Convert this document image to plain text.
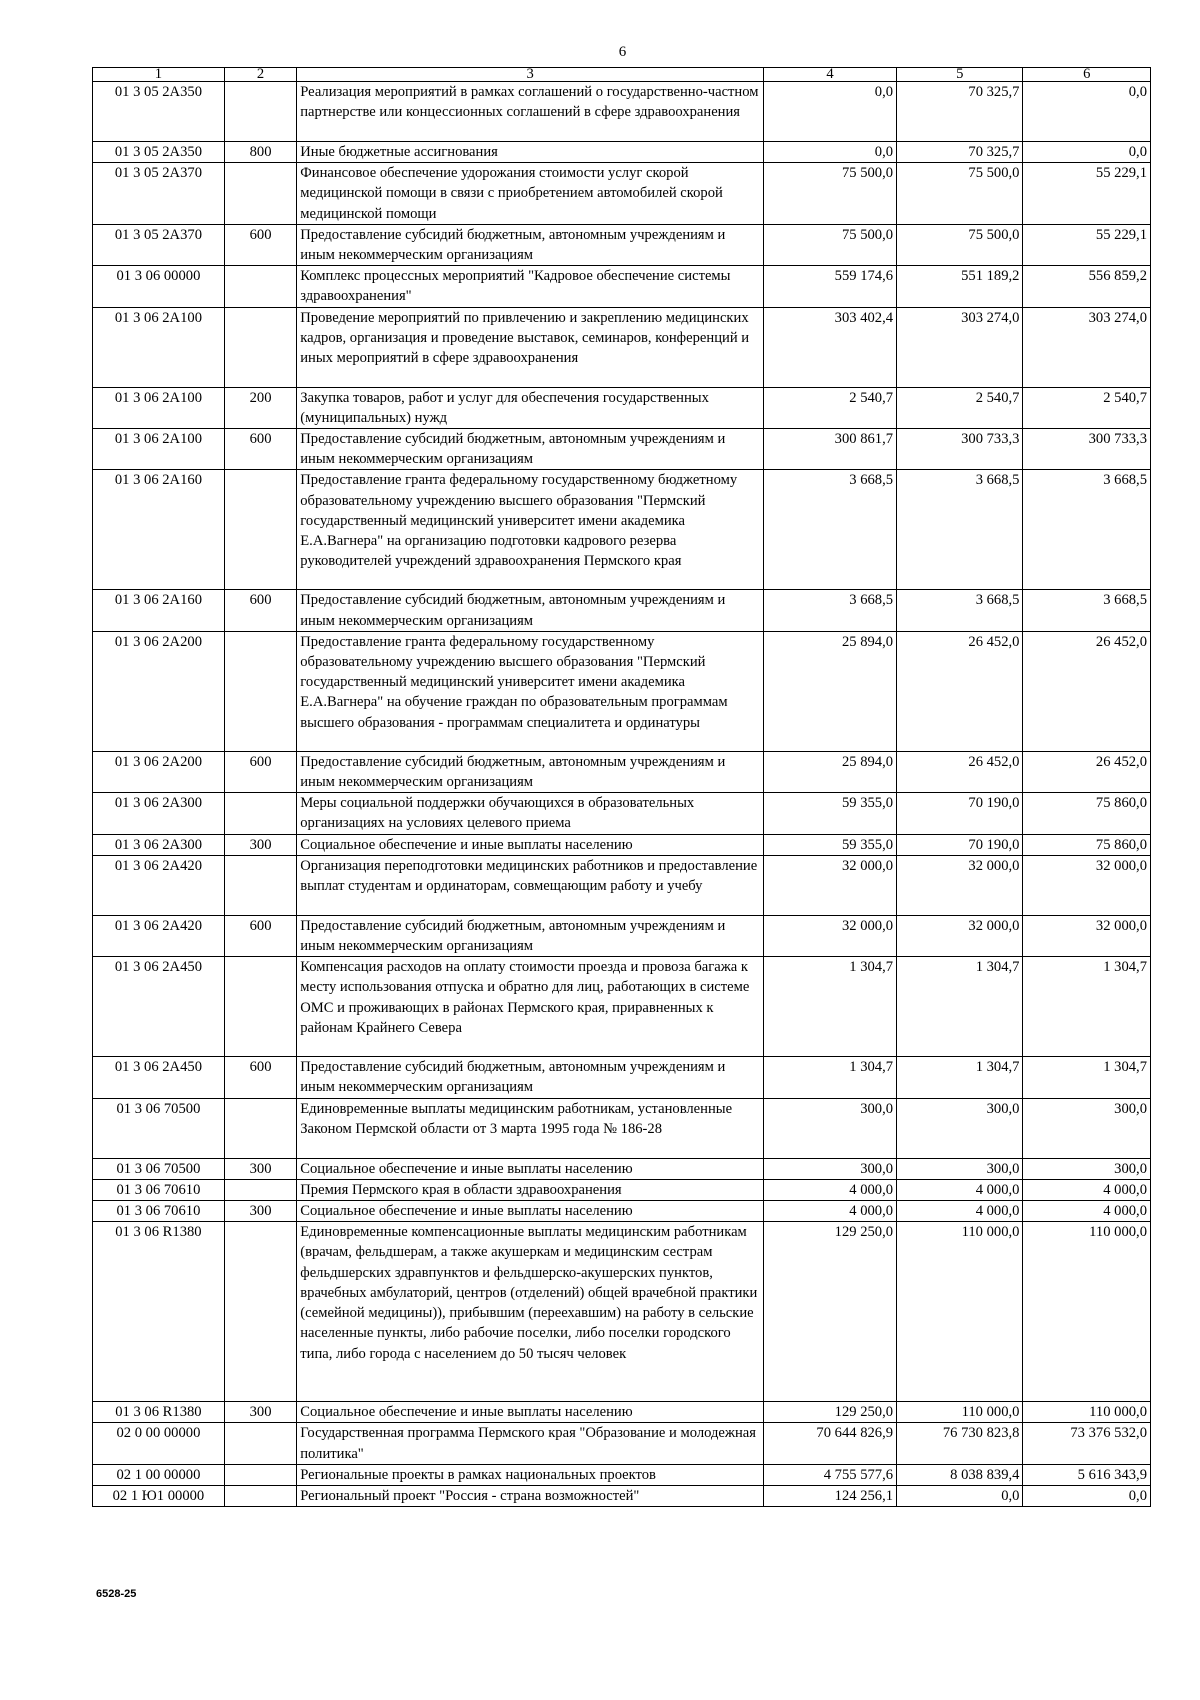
6
1	2	3	4	5	6
01 3 05 2А350		Реализация мероприятий в рамках соглашений о государственно-частном партнерстве или концессионных соглашений в сфере здравоохранения	0,0	70 325,7	0,0
01 3 05 2А350	800	Иные бюджетные ассигнования	0,0	70 325,7	0,0
01 3 05 2А370		Финансовое обеспечение удорожания стоимости услуг скорой медицинской помощи в связи с приобретением автомобилей скорой медицинской помощи	75 500,0	75 500,0	55 229,1
01 3 05 2А370	600	Предоставление субсидий бюджетным, автономным учреждениям и иным некоммерческим организациям	75 500,0	75 500,0	55 229,1
01 3 06 00000		Комплекс процессных мероприятий "Кадровое обеспечение системы здравоохранения"	559 174,6	551 189,2	556 859,2
01 3 06 2А100		Проведение мероприятий по привлечению и закреплению медицинских кадров, организация и проведение выставок, семинаров, конференций и иных мероприятий в сфере здравоохранения	303 402,4	303 274,0	303 274,0
01 3 06 2А100	200	Закупка товаров, работ и услуг для обеспечения государственных (муниципальных) нужд	2 540,7	2 540,7	2 540,7
01 3 06 2А100	600	Предоставление субсидий бюджетным, автономным учреждениям и иным некоммерческим организациям	300 861,7	300 733,3	300 733,3
01 3 06 2А160		Предоставление гранта федеральному государственному бюджетному образовательному учреждению высшего образования "Пермский государственный медицинский университет имени академика Е.А.Вагнера" на организацию подготовки кадрового резерва руководителей учреждений здравоохранения Пермского края	3 668,5	3 668,5	3 668,5
01 3 06 2А160	600	Предоставление субсидий бюджетным, автономным учреждениям и иным некоммерческим организациям	3 668,5	3 668,5	3 668,5
01 3 06 2А200		Предоставление гранта федеральному государственному образовательному учреждению высшего образования "Пермский государственный медицинский университет имени академика Е.А.Вагнера" на обучение граждан по образовательным программам высшего образования - программам специалитета и ординатуры	25 894,0	26 452,0	26 452,0
01 3 06 2А200	600	Предоставление субсидий бюджетным, автономным учреждениям и иным некоммерческим организациям	25 894,0	26 452,0	26 452,0
01 3 06 2А300		Меры социальной поддержки обучающихся в образовательных организациях на условиях целевого приема	59 355,0	70 190,0	75 860,0
01 3 06 2А300	300	Социальное обеспечение и иные выплаты населению	59 355,0	70 190,0	75 860,0
01 3 06 2А420		Организация переподготовки медицинских работников и предоставление выплат студентам и ординаторам, совмещающим работу и учебу	32 000,0	32 000,0	32 000,0
01 3 06 2А420	600	Предоставление субсидий бюджетным, автономным учреждениям и иным некоммерческим организациям	32 000,0	32 000,0	32 000,0
01 3 06 2А450		Компенсация расходов на оплату стоимости проезда и провоза багажа к месту использования отпуска и обратно для лиц, работающих в системе ОМС и проживающих в районах Пермского края, приравненных к районам Крайнего Севера	1 304,7	1 304,7	1 304,7
01 3 06 2А450	600	Предоставление субсидий бюджетным, автономным учреждениям и иным некоммерческим организациям	1 304,7	1 304,7	1 304,7
01 3 06 70500		Единовременные выплаты медицинским работникам, установленные Законом Пермской области от 3 марта 1995 года № 186-28	300,0	300,0	300,0
01 3 06 70500	300	Социальное обеспечение и иные выплаты населению	300,0	300,0	300,0
01 3 06 70610		Премия Пермского края в области здравоохранения	4 000,0	4 000,0	4 000,0
01 3 06 70610	300	Социальное обеспечение и иные выплаты населению	4 000,0	4 000,0	4 000,0
01 3 06 R1380		Единовременные компенсационные выплаты медицинским работникам (врачам, фельдшерам, а также акушеркам и медицинским сестрам фельдшерских здравпунктов и фельдшерско-акушерских пунктов, врачебных амбулаторий, центров (отделений) общей врачебной практики (семейной медицины)), прибывшим (переехавшим) на работу в сельские населенные пункты, либо рабочие поселки, либо поселки городского типа, либо города с населением до 50 тысяч человек	129 250,0	110 000,0	110 000,0
01 3 06 R1380	300	Социальное обеспечение и иные выплаты населению	129 250,0	110 000,0	110 000,0
02 0 00 00000		Государственная программа Пермского края "Образование и молодежная политика"	70 644 826,9	76 730 823,8	73 376 532,0
02 1 00 00000		Региональные проекты в рамках национальных проектов	4 755 577,6	8 038 839,4	5 616 343,9
02 1 Ю1 00000		Региональный проект "Россия - страна возможностей"	124 256,1	0,0	0,0
6528-25
